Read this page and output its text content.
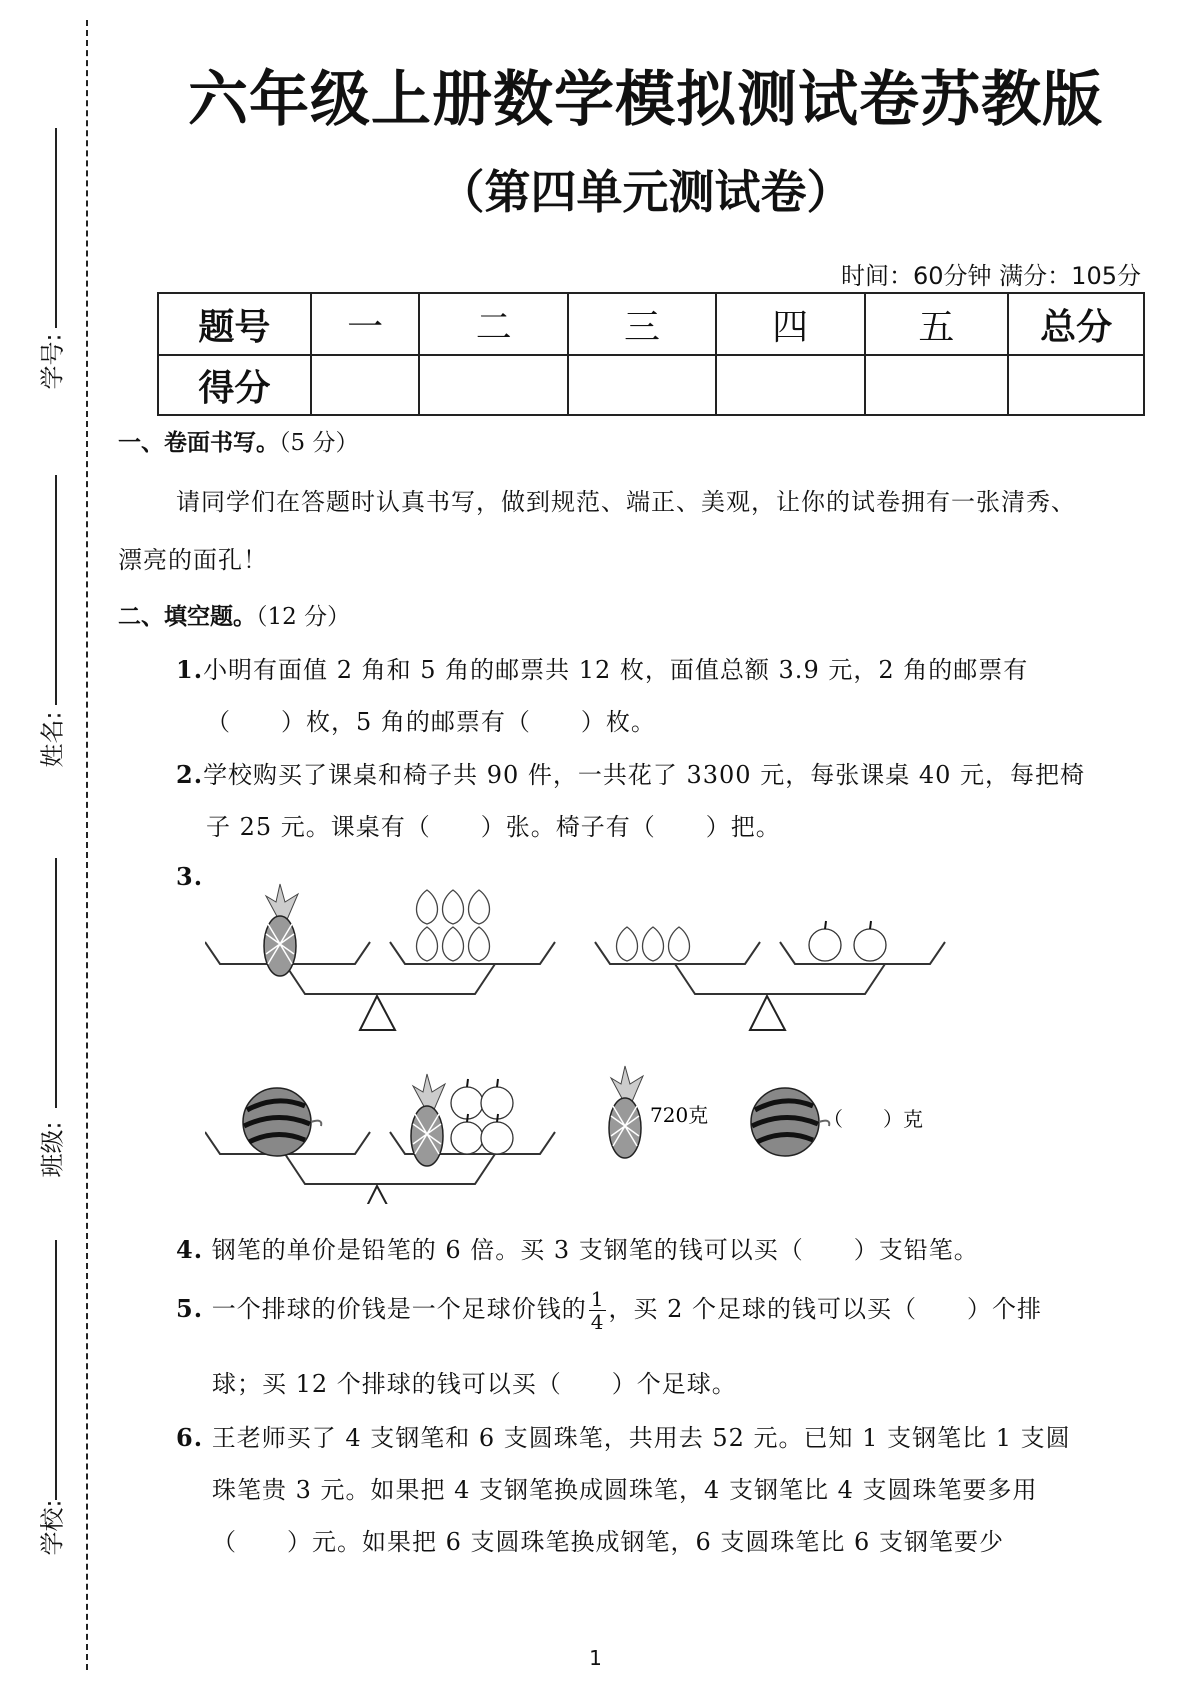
学号:
姓名:
班级:
学校:
六年级上册数学模拟测试卷苏教版
（第四单元测试卷）
时间：60分钟 满分：105分
题号	一	二	三	四	五	总分
得分						
一、卷面书写。（5 分）
请同学们在答题时认真书写，做到规范、端正、美观，让你的试卷拥有一张清秀、
漂亮的面孔！
二、填空题。（12 分）
1.小明有面值 2 角和 5 角的邮票共 12 枚，面值总额 3.9 元，2 角的邮票有
（　　）枚，5 角的邮票有（　　）枚。
2.学校购买了课桌和椅子共 90 件，一共花了 3300 元，每张课桌 40 元，每把椅
子 25 元。课桌有（　　）张。椅子有（　　）把。
3.
720克	（　　）克
4. 钢笔的单价是铅笔的 6 倍。买 3 支钢笔的钱可以买（　　）支铅笔。
5. 一个排球的价钱是一个足球价钱的 $\frac{1}{4}$ ，买 2 个足球的钱可以买（　　）个排
球；买 12 个排球的钱可以买（　　）个足球。
6. 王老师买了 4 支钢笔和 6 支圆珠笔，共用去 52 元。已知 1 支钢笔比 1 支圆
珠笔贵 3 元。如果把 4 支钢笔换成圆珠笔，4 支钢笔比 4 支圆珠笔要多用
（　　）元。如果把 6 支圆珠笔换成钢笔，6 支圆珠笔比 6 支钢笔要少
1
